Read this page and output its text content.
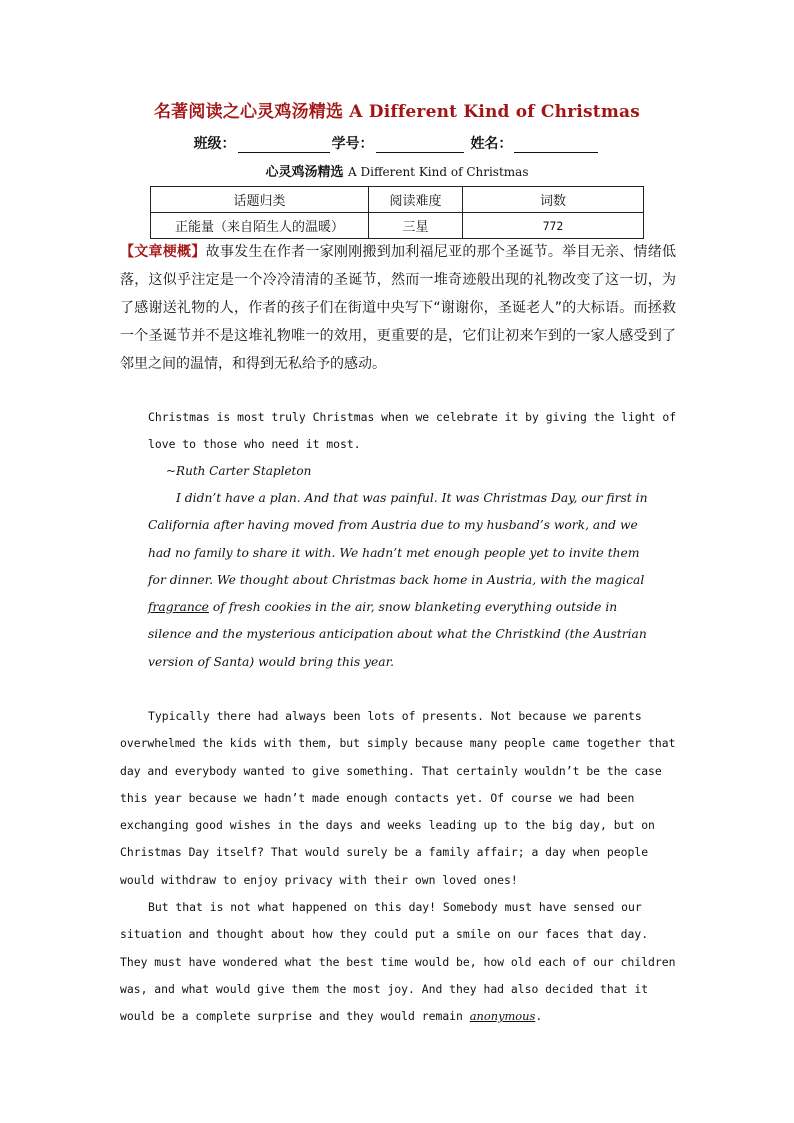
名著阅读之心灵鸡汤精选 A Different Kind of Christmas
班级：	学号：	姓名：
心灵鸡汤精选 A Different Kind of Christmas
话题归类	阅读难度	词数
正能量（来自陌生人的温暖）	三星	772
【文章梗概】故事发生在作者一家刚刚搬到加利福尼亚的那个圣诞节。举目无亲、情绪低落，这似乎注定是一个冷冷清清的圣诞节，然而一堆奇迹般出现的礼物改变了这一切，为了感谢送礼物的人，作者的孩子们在街道中央写下“谢谢你，圣诞老人”的大标语。而拯救一个圣诞节并不是这堆礼物唯一的效用，更重要的是，它们让初来乍到的一家人感受到了邻里之间的温情，和得到无私给予的感动。
Christmas is most truly Christmas when we celebrate it by giving the light of love to those who need it most.
~Ruth Carter Stapleton
I didn’t have a plan. And that was painful. It was Christmas Day, our first in California after having moved from Austria due to my husband’s work, and we had no family to share it with. We hadn’t met enough people yet to invite them for dinner. We thought about Christmas back home in Austria, with the magical fragrance of fresh cookies in the air, snow blanketing everything outside in silence and the mysterious anticipation about what the Christkind (the Austrian version of Santa) would bring this year.
Typically there had always been lots of presents. Not because we parents overwhelmed the kids with them, but simply because many people came together that day and everybody wanted to give something. That certainly wouldn’t be the case this year because we hadn’t made enough contacts yet. Of course we had been exchanging good wishes in the days and weeks leading up to the big day, but on Christmas Day itself? That would surely be a family affair; a day when people would withdraw to enjoy privacy with their own loved ones!
But that is not what happened on this day! Somebody must have sensed our situation and thought about how they could put a smile on our faces that day. They must have wondered what the best time would be, how old each of our children was, and what would give them the most joy. And they had also decided that it would be a complete surprise and they would remain anonymous.
